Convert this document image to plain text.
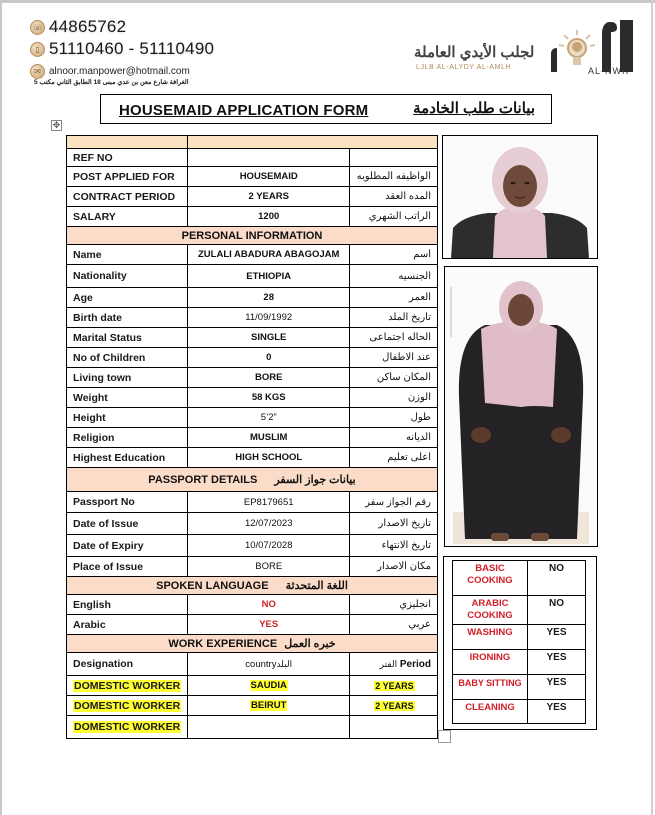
☏ 44865762
▯ 51110460 - 51110490
✉ alnoor.manpower@hotmail.com
الغرافة شارع معن بن عدي مبنى 18 الطابق الثاني مكتب 5
لجلب الأيدي العاملة
LJLB AL-ALYDY AL-AMLH	AL-NWR
HOUSEMAID APPLICATION FORM	بيانات طلب الخادمة
✥

REF NO		
POST APPLIED FOR	HOUSEMAID	الواظيفه المطلوبه
CONTRACT PERIOD	2 YEARS	المده العقد
SALARY	1200	الراتب الشهري
PERSONAL INFORMATION		
Name	ZULALI ABADURA ABAGOJAM	اسم
Nationality	ETHIOPIA	الجنسيه
Age	28	العمر
Birth date	11/09/1992	تاريخ الملد
Marital Status	SINGLE	الحاله اجتماعى
No of Children	0	عند الاطفال
Living town	BORE	المكان ساكن
Weight	58 KGS	الوزن
Height	5’2”	طول
Religion	MUSLIM	الديانه
Highest Education	HIGH SCHOOL	اعلى تعليم
PASSPORT DETAILS بيانات جواز السفر		
Passport No	EP8179651	رقم الجواز سفر
Date of Issue	12/07/2023	تاريخ الاصدار
Date of Expiry	10/07/2028	تاريخ الانتهاء
Place of Issue	BORE	مكان الاصدار
SPOKEN LANGUAGE اللغة المتحدثة		
English	NO	انجليزي
Arabic	YES	عربي
WORK EXPERIENCE خبره العمل		
Designation	countryالبلد	الفتر Period
DOMESTIC WORKER	SAUDIA	2 YEARS
DOMESTIC WORKER	BEIRUT	2 YEARS
DOMESTIC WORKER		
BASIC COOKING	NO
ARABIC COOKING	NO
WASHING	YES
IRONING	YES
BABY SITTING	YES
CLEANING	YES
